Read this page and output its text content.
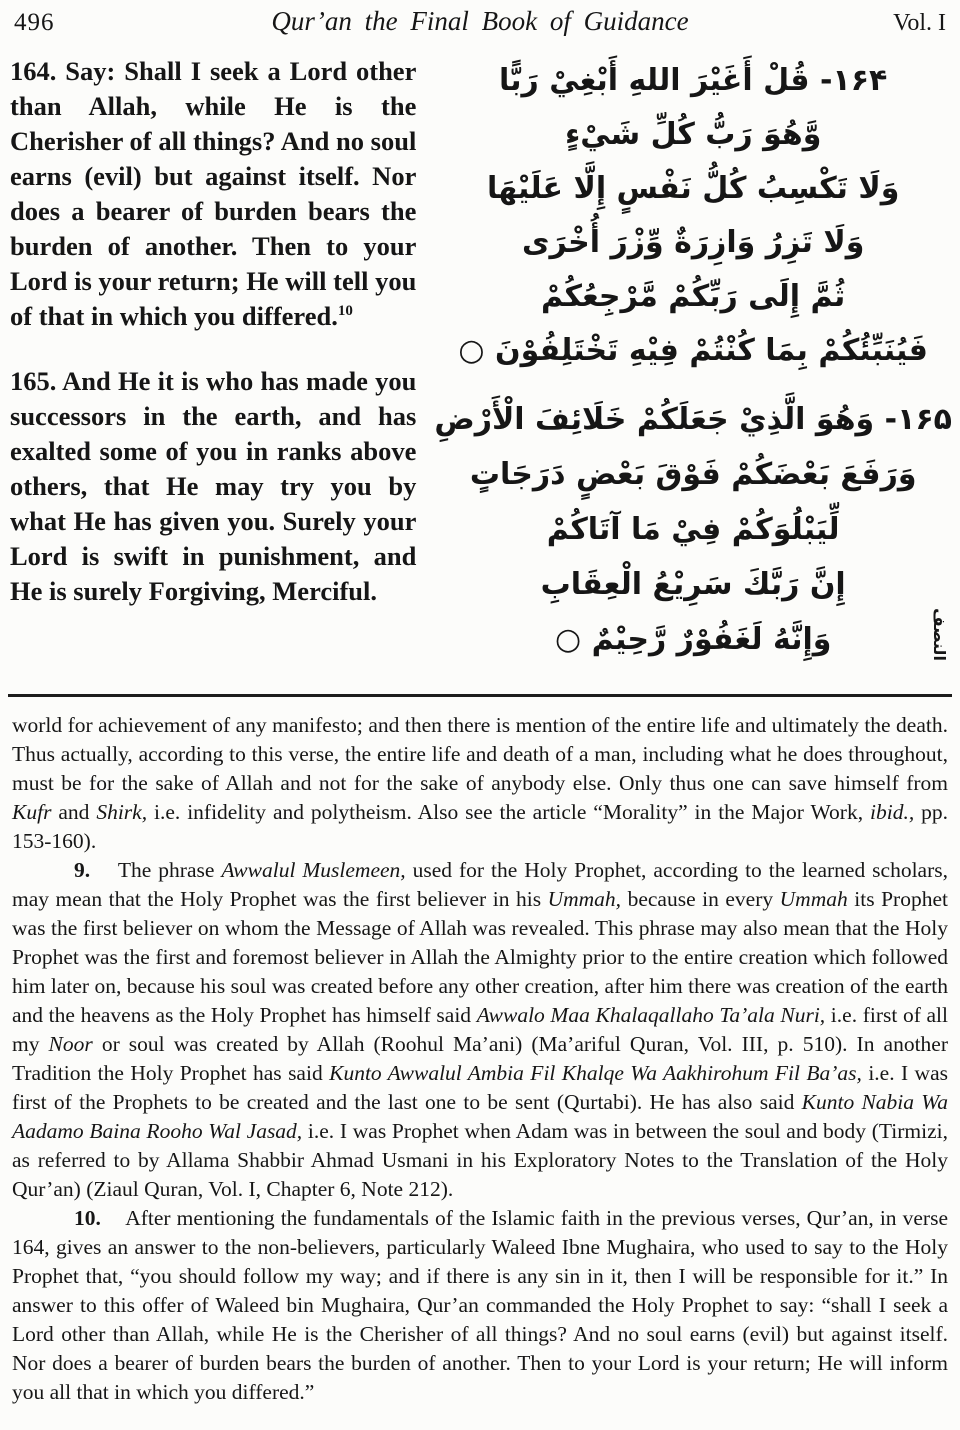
496	Qur’an the Final Book of Guidance	Vol. I

164. Say: Shall I seek a Lord other than Allah, while He is the Cherisher of all things? And no soul earns (evil) but against itself. Nor does a bearer of burden bears the burden of another. Then to your Lord is your return; He will tell you of that in which you differed.$^{10}$

165. And He it is who has made you successors in the earth, and has exalted some of you in ranks above others, that He may try you by what He has given you. Surely your Lord is swift in punishment, and He is surely Forgiving, Merciful.

۱۶۴- قُلْ أَغَيْرَ اللهِ أَبْغِيْ رَبًّا
وَّهُوَ رَبُّ كُلِّ شَيْءٍ
وَلَا تَكْسِبُ كُلُّ نَفْسٍ إِلَّا عَلَيْهَا
وَلَا تَزِرُ وَازِرَةٌ وِّزْرَ أُخْرَى
ثُمَّ إِلَى رَبِّكُمْ مَّرْجِعُكُمْ
فَيُنَبِّئُكُمْ بِمَا كُنْتُمْ فِيْهِ تَخْتَلِفُوْنَ ○
۱۶۵- وَهُوَ الَّذِيْ جَعَلَكُمْ خَلَائِفَ الْأَرْضِ
وَرَفَعَ بَعْضَكُمْ فَوْقَ بَعْضٍ دَرَجَاتٍ
لِّيَبْلُوَكُمْ فِيْ مَا آتَاكُمْ
إِنَّ رَبَّكَ سَرِيْعُ الْعِقَابِ
وَإِنَّهُ لَغَفُوْرٌ رَّحِيْمٌ ○	النصف

world for achievement of any manifesto; and then there is mention of the entire life and ultimately the death. Thus actually, according to this verse, the entire life and death of a man, including what he does throughout, must be for the sake of Allah and not for the sake of anybody else. Only thus one can save himself from Kufr and Shirk, i.e. infidelity and polytheism. Also see the article “Morality” in the Major Work, ibid., pp. 153-160).

9.    The phrase Awwalul Muslemeen, used for the Holy Prophet, according to the learned scholars, may mean that the Holy Prophet was the first believer in his Ummah, because in every Ummah its Prophet was the first believer on whom the Message of Allah was revealed. This phrase may also mean that the Holy Prophet was the first and foremost believer in Allah the Almighty prior to the entire creation which followed him later on, because his soul was created before any other creation, after him there was creation of the earth and the heavens as the Holy Prophet has himself said Awwalo Maa Khalaqallaho Ta’ala Nuri, i.e. first of all my Noor or soul was created by Allah (Roohul Ma’ani) (Ma’ariful Quran, Vol. III, p. 510). In another Tradition the Holy Prophet has said Kunto Awwalul Ambia Fil Khalqe Wa Aakhirohum Fil Ba’as, i.e. I was first of the Prophets to be created and the last one to be sent (Qurtabi). He has also said Kunto Nabia Wa Aadamo Baina Rooho Wal Jasad, i.e. I was Prophet when Adam was in between the soul and body (Tirmizi, as referred to by Allama Shabbir Ahmad Usmani in his Exploratory Notes to the Translation of the Holy Qur’an) (Ziaul Quran, Vol. I, Chapter 6, Note 212).

10.    After mentioning the fundamentals of the Islamic faith in the previous verses, Qur’an, in verse 164, gives an answer to the non-believers, particularly Waleed Ibne Mughaira, who used to say to the Holy Prophet that, “you should follow my way; and if there is any sin in it, then I will be responsible for it.” In answer to this offer of Waleed bin Mughaira, Qur’an commanded the Holy Prophet to say: “shall I seek a Lord other than Allah, while He is the Cherisher of all things? And no soul earns (evil) but against itself. Nor does a bearer of burden bears the burden of another. Then to your Lord is your return; He will inform you all that in which you differed.”
